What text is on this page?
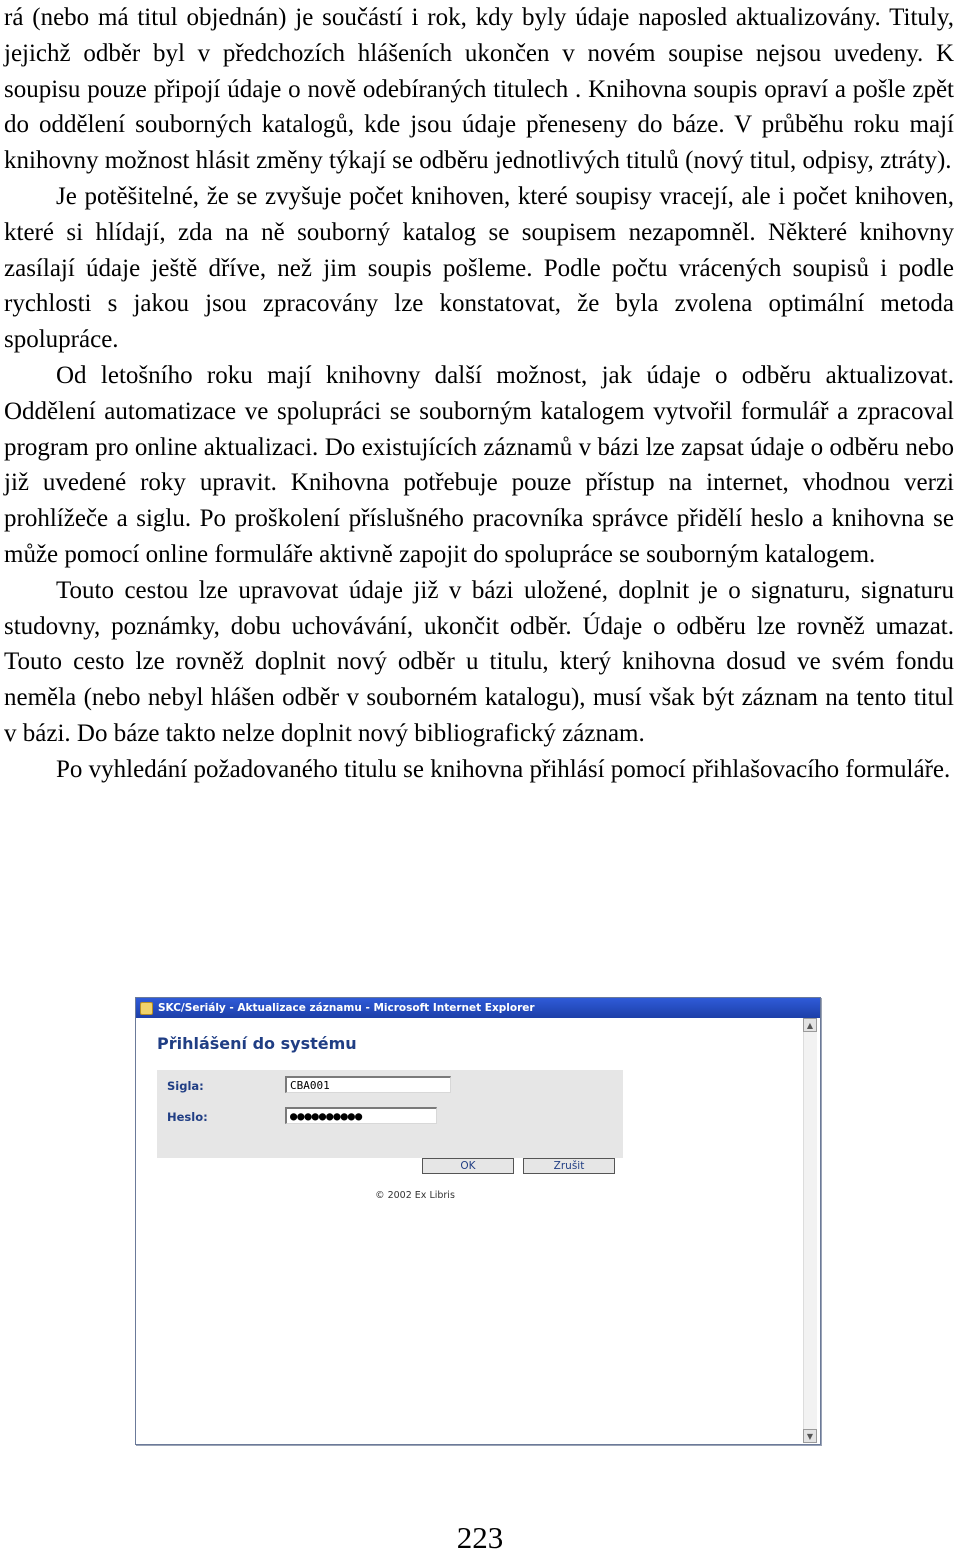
rá (nebo má titul objednán) je součástí i rok, kdy byly údaje naposled aktualizovány. Tituly, jejichž odběr byl v předchozích hlášeních ukončen v novém soupise nejsou uvedeny. K soupisu pouze připojí údaje o nově odebíraných titulech . Knihovna soupis opraví a pošle zpět do oddělení souborných katalogů, kde jsou údaje přeneseny do báze. V průběhu roku mají knihovny možnost hlásit změny týkají se odběru jednotlivých titulů (nový titul, odpisy, ztráty).

Je potěšitelné, že se zvyšuje počet knihoven, které soupisy vracejí, ale i počet knihoven, které si hlídají, zda na ně souborný katalog se soupisem nezapomněl. Některé knihovny zasílají údaje ještě dříve, než jim soupis pošleme. Podle počtu vrácených soupisů i podle rychlosti s jakou jsou zpracovány lze konstatovat, že byla zvolena optimální metoda spolupráce.

Od letošního roku mají knihovny další možnost, jak údaje o odběru aktualizovat. Oddělení automatizace ve spolupráci se souborným katalogem vytvořil formulář a zpracoval program pro online aktualizaci. Do existujících záznamů v bázi lze zapsat údaje o odběru nebo již uvedené roky upravit. Knihovna potřebuje pouze přístup na internet, vhodnou verzi prohlížeče a siglu. Po proškolení příslušného pracovníka správce přidělí heslo a knihovna se může pomocí online formuláře aktivně zapojit do spolupráce se souborným katalogem.

Touto cestou lze upravovat údaje již v bázi uložené, doplnit je o signaturu, signaturu studovny, poznámky, dobu uchovávání, ukončit odběr. Údaje o odběru lze rovněž umazat. Touto cesto lze rovněž doplnit nový odběr u titulu, který knihovna dosud ve svém fondu neměla (nebo nebyl hlášen odběr v souborném katalogu), musí však být záznam na tento titul v bázi. Do báze takto nelze doplnit nový bibliografický záznam.

Po vyhledání požadovaného titulu se knihovna přihlásí pomocí přihlašovacího formuláře.

SKC/Seriály - Aktualizace záznamu - Microsoft Internet Explorer
Přihlášení do systému
Sigla:
CBA001
Heslo:	●●●●●●●●●●
OK	Zrušit
© 2002 Ex Libris
▲
▼
223
